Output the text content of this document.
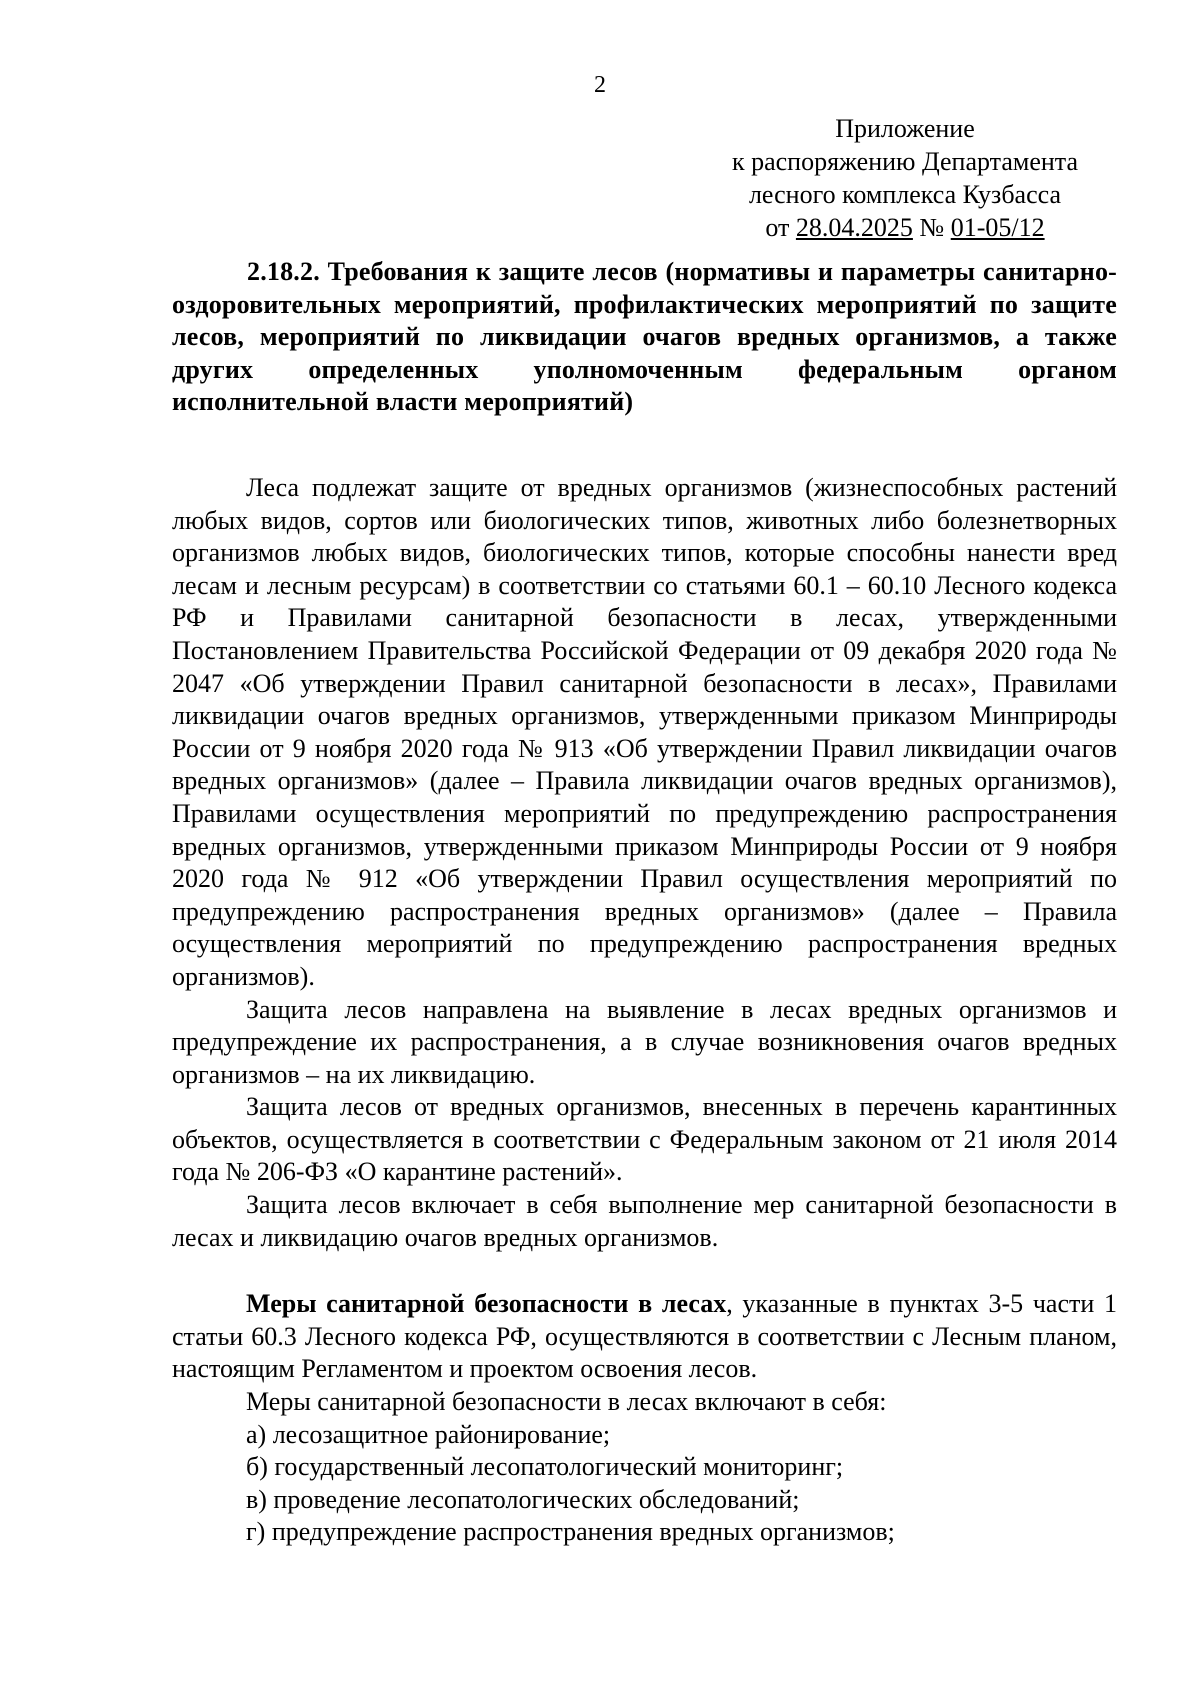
2
Приложение
к распоряжению Департамента
лесного комплекса Кузбасса
от 28.04.2025 № 01-05/12
2.18.2. Требования к защите лесов (нормативы и параметры санитарно-оздоровительных мероприятий, профилактических мероприятий по защите лесов, мероприятий по ликвидации очагов вредных организмов, а также других определенных уполномоченным федеральным органом исполнительной власти мероприятий)

Леса подлежат защите от вредных организмов (жизнеспособных растений любых видов, сортов или биологических типов, животных либо болезнетворных организмов любых видов, биологических типов, которые способны нанести вред лесам и лесным ресурсам) в соответствии со статьями 60.1 – 60.10 Лесного кодекса РФ и Правилами санитарной безопасности в лесах, утвержденными Постановлением Правительства Российской Федерации от 09 декабря 2020 года № 2047 «Об утверждении Правил санитарной безопасности в лесах», Правилами ликвидации очагов вредных организмов, утвержденными приказом Минприроды России от 9 ноября 2020 года № 913 «Об утверждении Правил ликвидации очагов вредных организмов» (далее – Правила ликвидации очагов вредных организмов), Правилами осуществления мероприятий по предупреждению распространения вредных организмов, утвержденными приказом Минприроды России от 9 ноября 2020 года № 912 «Об утверждении Правил осуществления мероприятий по предупреждению распространения вредных организмов» (далее – Правила осуществления мероприятий по предупреждению распространения вредных организмов).

Защита лесов направлена на выявление в лесах вредных организмов и предупреждение их распространения, а в случае возникновения очагов вредных организмов – на их ликвидацию.

Защита лесов от вредных организмов, внесенных в перечень карантинных объектов, осуществляется в соответствии с Федеральным законом от 21 июля 2014 года № 206-ФЗ «О карантине растений».

Защита лесов включает в себя выполнение мер санитарной безопасности в лесах и ликвидацию очагов вредных организмов.

Меры санитарной безопасности в лесах, указанные в пунктах 3-5 части 1 статьи 60.3 Лесного кодекса РФ, осуществляются в соответствии с Лесным планом, настоящим Регламентом и проектом освоения лесов.

Меры санитарной безопасности в лесах включают в себя:

а) лесозащитное районирование;

б) государственный лесопатологический мониторинг;

в) проведение лесопатологических обследований;

г) предупреждение распространения вредных организмов;
